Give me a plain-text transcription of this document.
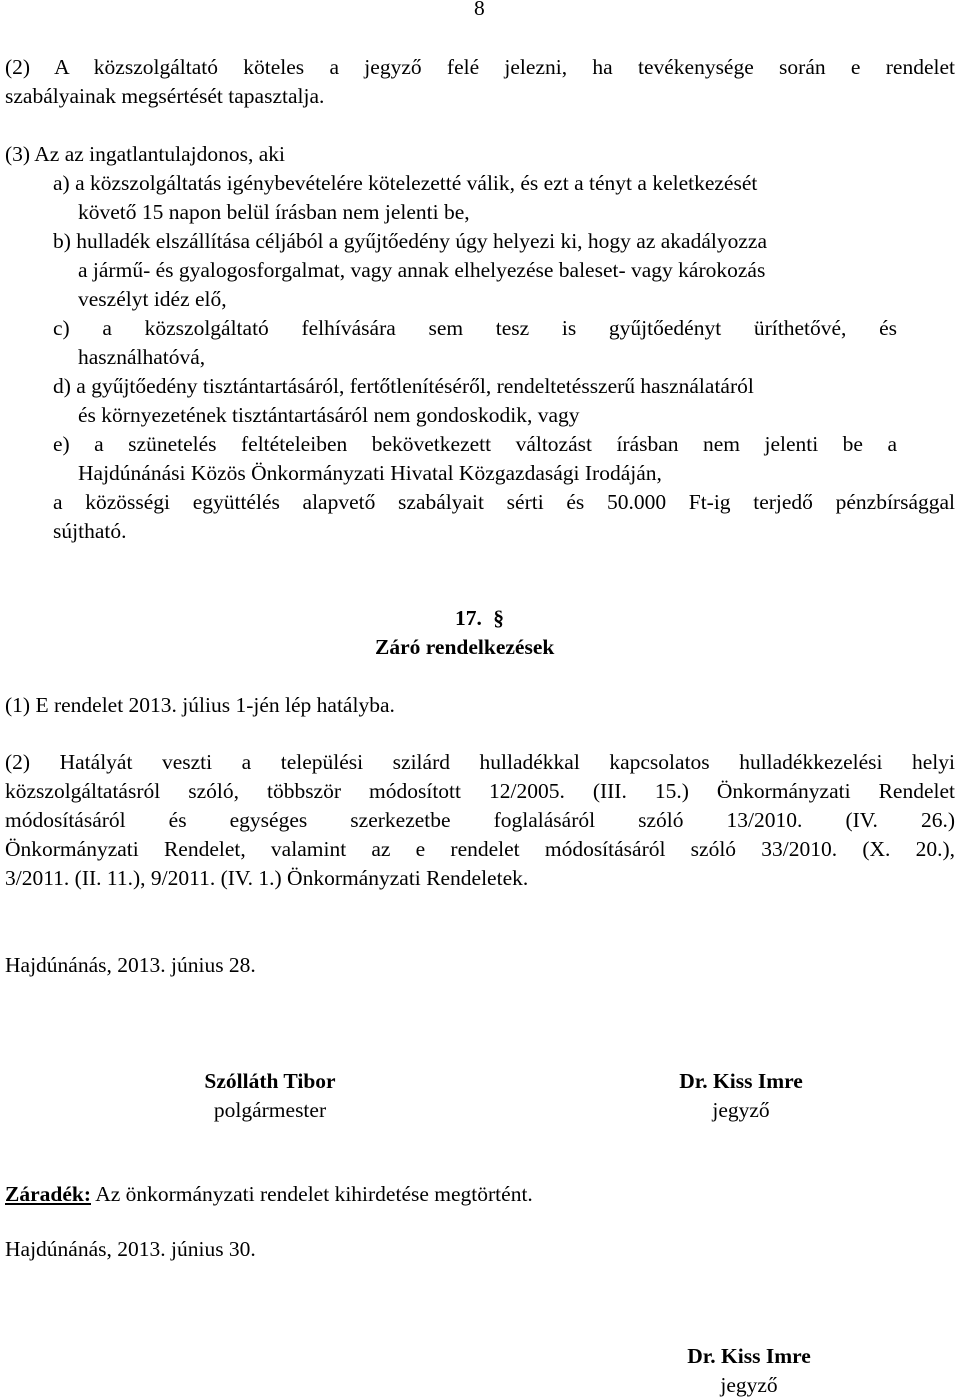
8
(2) A közszolgáltató köteles a jegyző felé jelezni, ha tevékenysége során e rendelet
szabályainak megsértését tapasztalja.
(3) Az az ingatlantulajdonos, aki
a) a közszolgáltatás igénybevételére kötelezetté válik, és ezt a tényt a keletkezését
követő 15 napon belül írásban nem jelenti be,
b) hulladék elszállítása céljából a gyűjtőedény úgy helyezi ki, hogy az akadályozza
a jármű- és gyalogosforgalmat, vagy annak elhelyezése baleset- vagy károkozás
veszélyt idéz elő,
c) a közszolgáltató felhívására sem tesz is gyűjtőedényt üríthetővé, és
használhatóvá,
d) a gyűjtőedény tisztántartásáról, fertőtlenítéséről, rendeltetésszerű használatáról
és környezetének tisztántartásáról nem gondoskodik, vagy
e) a szünetelés feltételeiben bekövetkezett változást írásban nem jelenti be a
Hajdúnánási Közös Önkormányzati Hivatal Közgazdasági Irodáján,
a közösségi együttélés alapvető szabályait sérti és 50.000 Ft-ig terjedő pénzbírsággal
sújtható.
17. §
Záró rendelkezések
(1) E rendelet 2013. július 1-jén lép hatályba.
(2) Hatályát veszti a települési szilárd hulladékkal kapcsolatos hulladékkezelési helyi
közszolgáltatásról szóló, többször módosított 12/2005. (III. 15.) Önkormányzati Rendelet
módosításáról és egységes szerkezetbe foglalásáról szóló 13/2010. (IV. 26.)
Önkormányzati Rendelet, valamint az e rendelet módosításáról szóló 33/2010. (X. 20.),
3/2011. (II. 11.), 9/2011. (IV. 1.) Önkormányzati Rendeletek.
Hajdúnánás, 2013. június 28.
Szólláth Tibor
polgármester
Dr. Kiss Imre
jegyző
Záradék: Az önkormányzati rendelet kihirdetése megtörtént.
Hajdúnánás, 2013. június 30.
Dr. Kiss Imre
jegyző
